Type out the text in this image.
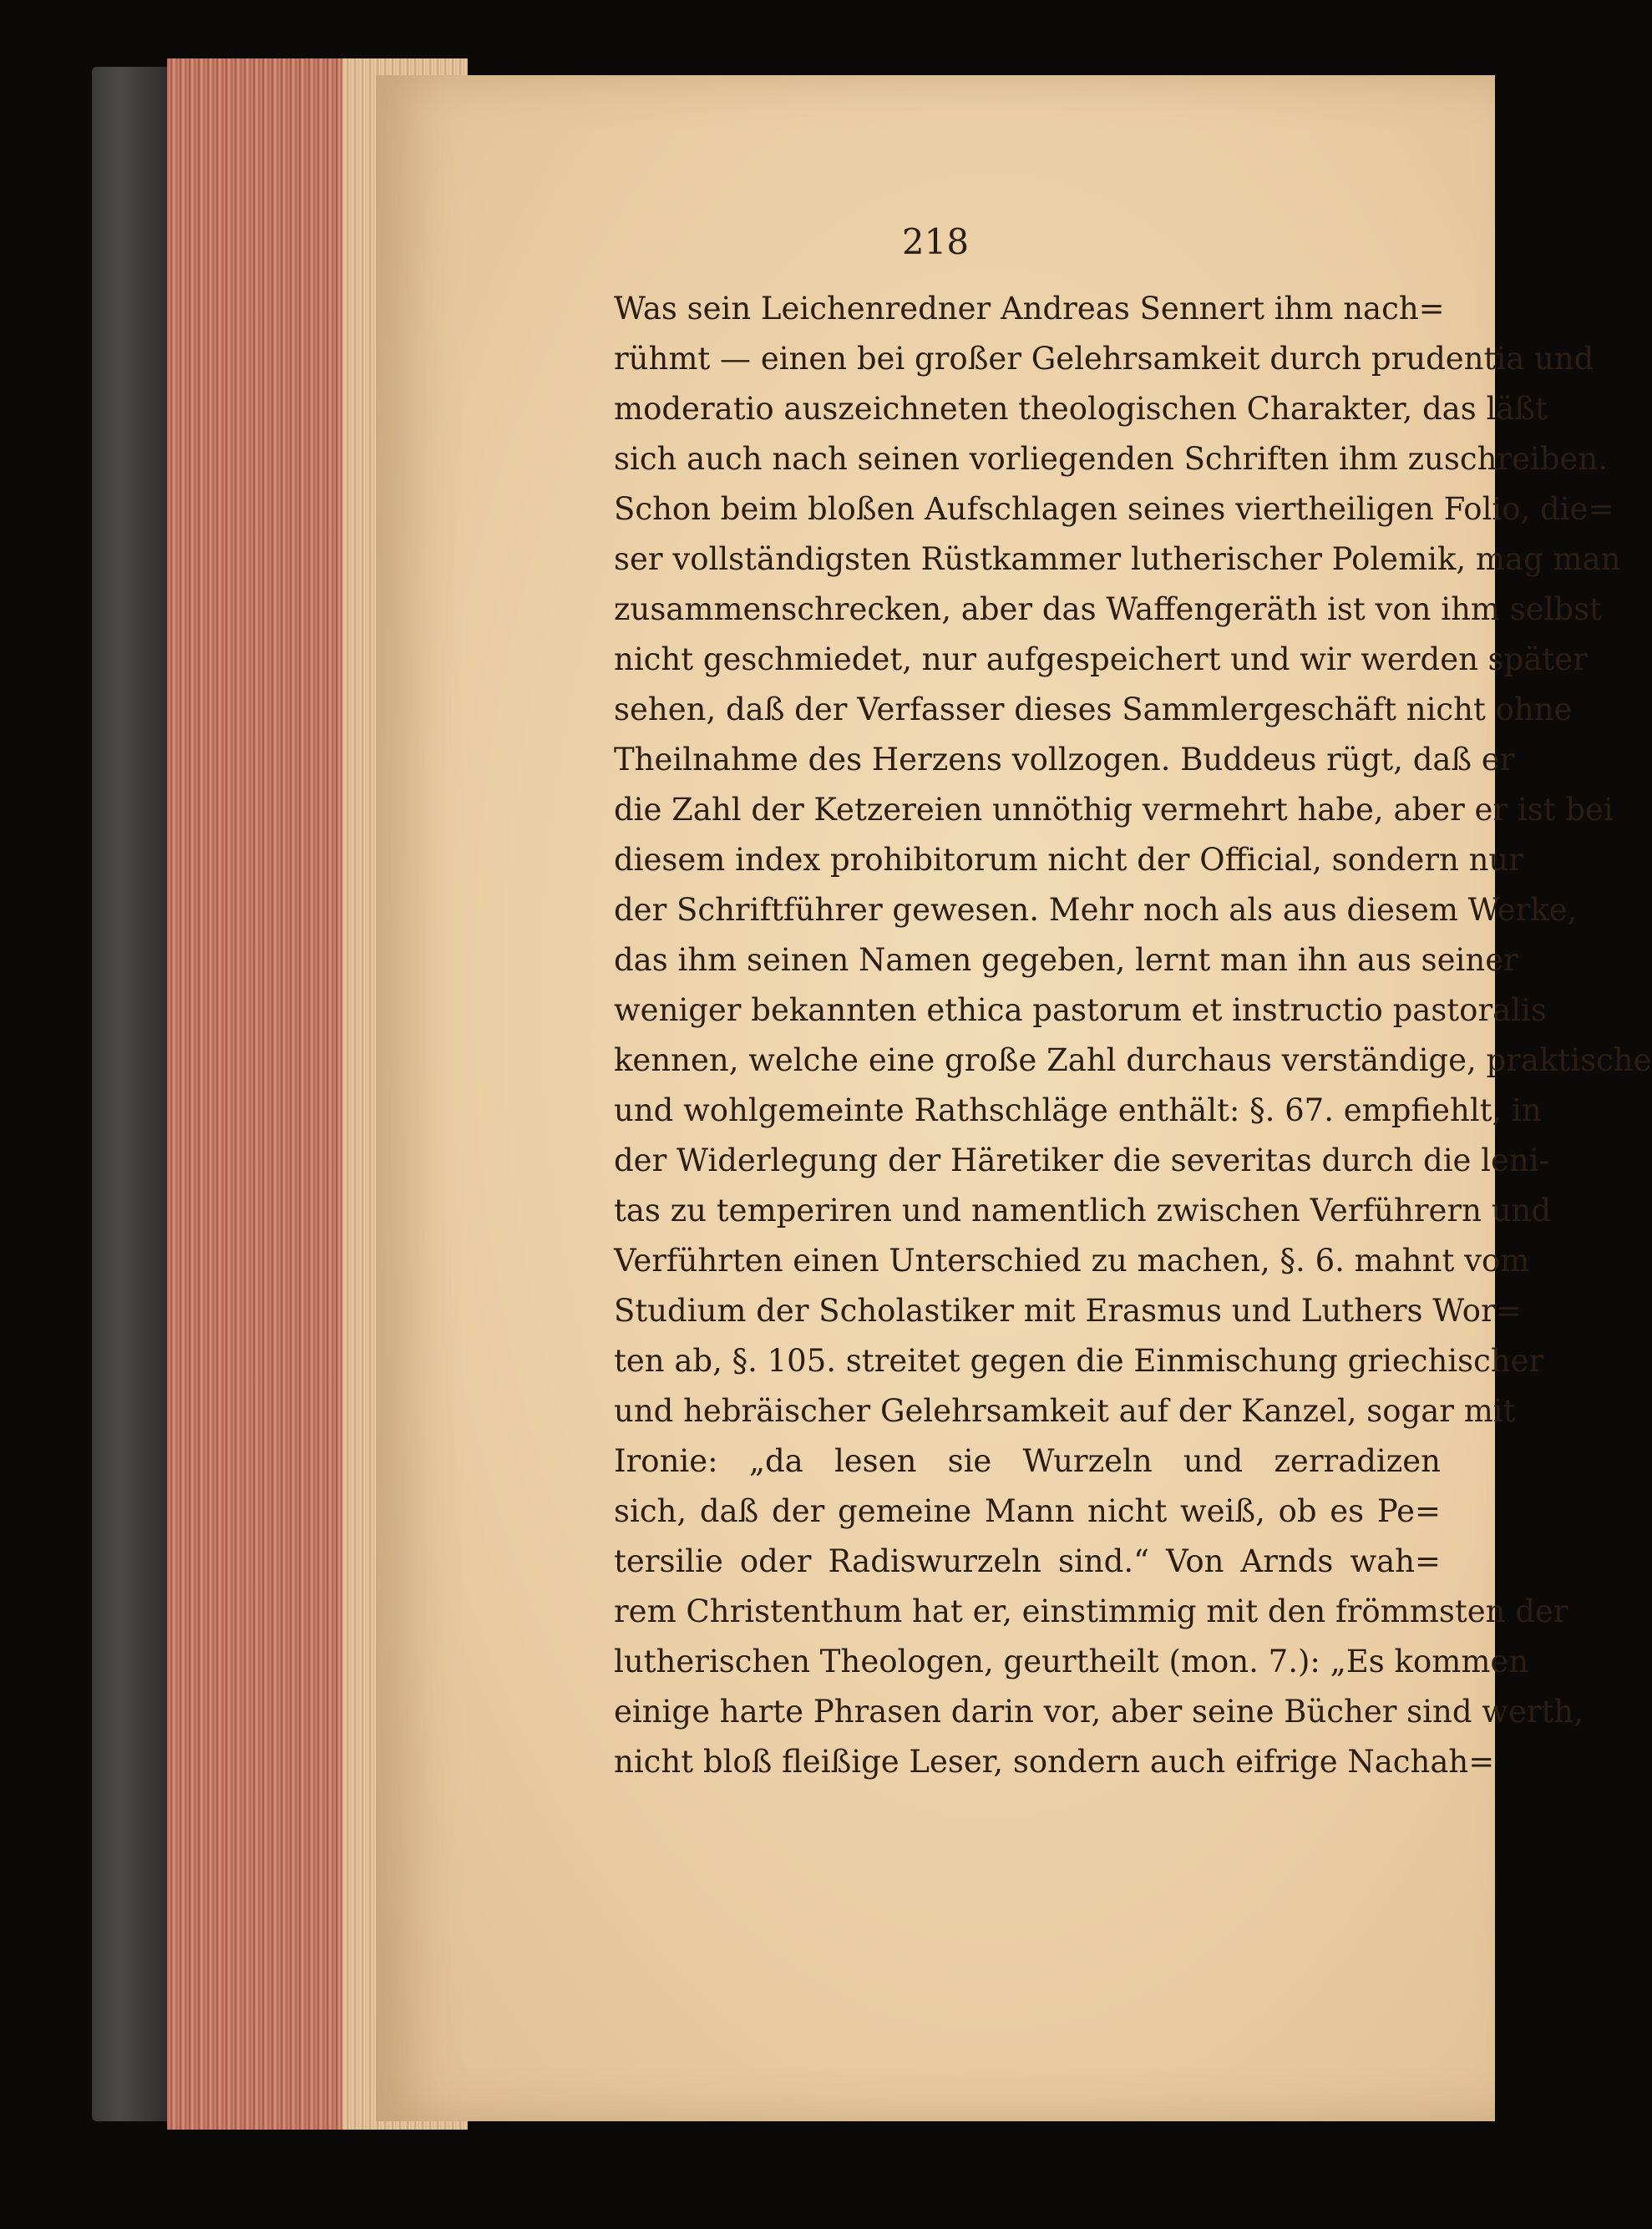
218
Was sein Leichenredner Andreas Sennert ihm nach=
rühmt — einen bei großer Gelehrsamkeit durch prudentia und
moderatio auszeichneten theologischen Charakter, das läßt
sich auch nach seinen vorliegenden Schriften ihm zuschreiben.
Schon beim bloßen Aufschlagen seines viertheiligen Folio, die=
ser vollständigsten Rüstkammer lutherischer Polemik, mag man
zusammenschrecken, aber das Waffengeräth ist von ihm selbst
nicht geschmiedet, nur aufgespeichert und wir werden später
sehen, daß der Verfasser dieses Sammlergeschäft nicht ohne
Theilnahme des Herzens vollzogen. Buddeus rügt, daß er
die Zahl der Ketzereien unnöthig vermehrt habe, aber er ist bei
diesem index prohibitorum nicht der Official, sondern nur
der Schriftführer gewesen. Mehr noch als aus diesem Werke,
das ihm seinen Namen gegeben, lernt man ihn aus seiner
weniger bekannten ethica pastorum et instructio pastoralis
kennen, welche eine große Zahl durchaus verständige, praktische
und wohlgemeinte Rathschläge enthält: §. 67. empfiehlt, in
der Widerlegung der Häretiker die severitas durch die leni-
tas zu temperiren und namentlich zwischen Verführern und
Verführten einen Unterschied zu machen, §. 6. mahnt vom
Studium der Scholastiker mit Erasmus und Luthers Wor=
ten ab, §. 105. streitet gegen die Einmischung griechischer
und hebräischer Gelehrsamkeit auf der Kanzel, sogar mit
Ironie: „da lesen sie Wurzeln und zerradizen
sich, daß der gemeine Mann nicht weiß, ob es Pe=
tersilie oder Radiswurzeln sind.“ Von Arnds wah=
rem Christenthum hat er, einstimmig mit den frömmsten der
lutherischen Theologen, geurtheilt (mon. 7.): „Es kommen
einige harte Phrasen darin vor, aber seine Bücher sind werth,
nicht bloß fleißige Leser, sondern auch eifrige Nachah=
